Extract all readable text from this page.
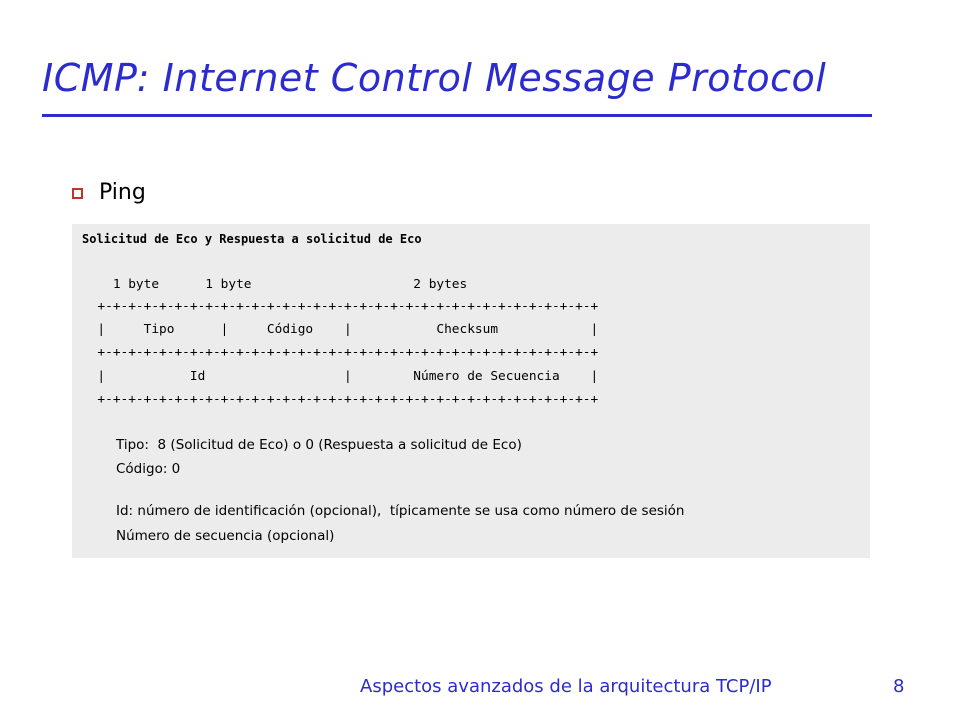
ICMP: Internet Control Message Protocol
Ping
Solicitud de Eco y Respuesta a solicitud de Eco
1 byte      1 byte                     2 bytes
+-+-+-+-+-+-+-+-+-+-+-+-+-+-+-+-+-+-+-+-+-+-+-+-+-+-+-+-+-+-+-+-+
|     Tipo      |     Código    |           Checksum            |
+-+-+-+-+-+-+-+-+-+-+-+-+-+-+-+-+-+-+-+-+-+-+-+-+-+-+-+-+-+-+-+-+
|           Id                  |        Número de Secuencia    |
+-+-+-+-+-+-+-+-+-+-+-+-+-+-+-+-+-+-+-+-+-+-+-+-+-+-+-+-+-+-+-+-+
Tipo:  8 (Solicitud de Eco) o 0 (Respuesta a solicitud de Eco)
Código: 0
Id: número de identificación (opcional),  típicamente se usa como número de sesión
Número de secuencia (opcional)
Aspectos avanzados de la arquitectura TCP/IP	8
